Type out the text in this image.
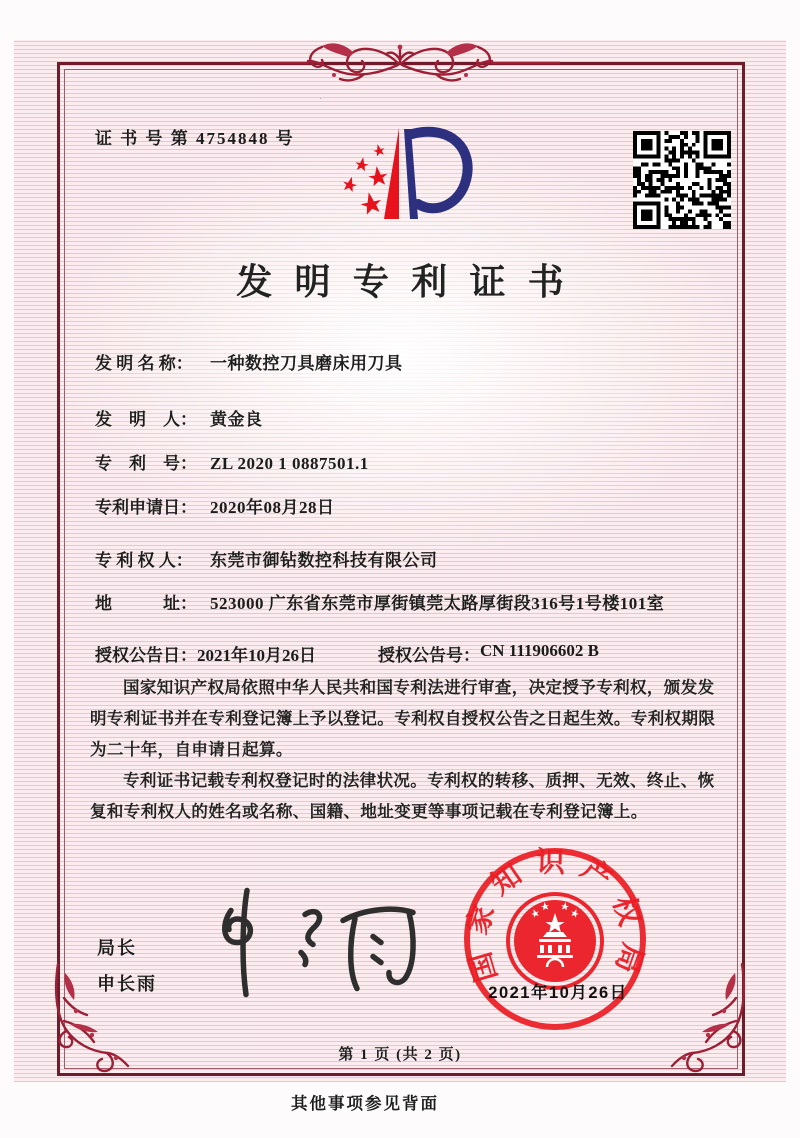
证 书 号 第 4754848 号
发明专利证书
发 明 名 称：	一种数控刀具磨床用刀具
发　明　人： 黄金良
专　利　号： ZL 2020 1 0887501.1
专利申请日： 2020年08月28日
专 利 权 人：	东莞市御钻数控科技有限公司
地　　　址： 523000 广东省东莞市厚街镇莞太路厚街段316号1号楼101室
授权公告日： 2021年10月26日	授权公告号： CN 111906602 B

国家知识产权局依照中华人民共和国专利法进行审查，决定授予专利权，颁发发明专利证书并在专利登记簿上予以登记。专利权自授权公告之日起生效。专利权期限为二十年，自申请日起算。

专利证书记载专利权登记时的法律状况。专利权的转移、质押、无效、终止、恢复和专利权人的姓名或名称、国籍、地址变更等事项记载在专利登记簿上。

局长
申长雨	国家知识产权局
2021年10月26日
第 1 页 (共 2 页)
其他事项参见背面
